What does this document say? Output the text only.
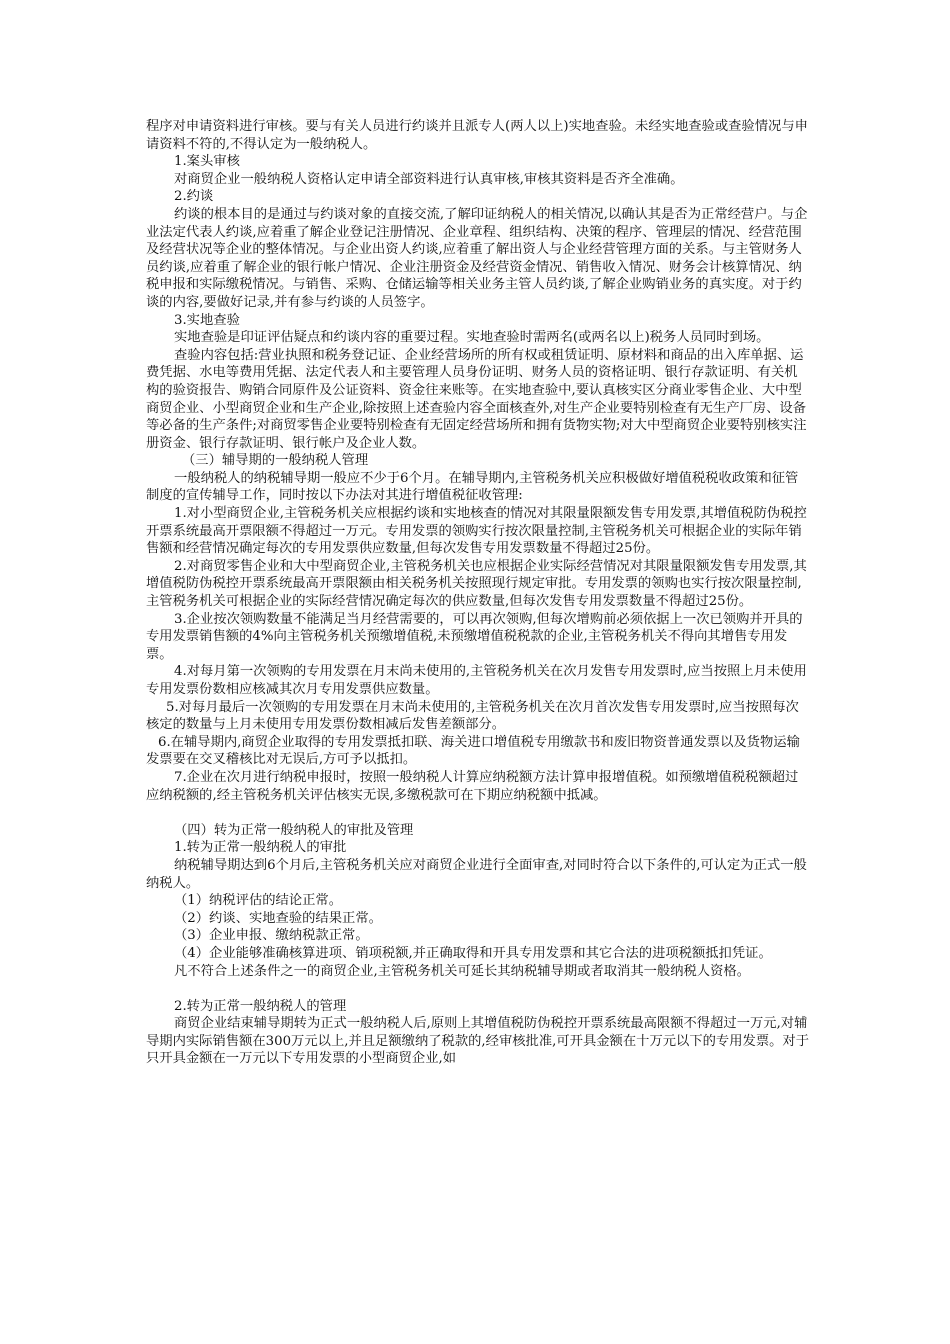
程序对申请资料进行审核。要与有关人员进行约谈并且派专人(两人以上)实地查验。未经实地查验或查验情况与申请资料不符的,不得认定为一般纳税人。

1.案头审核

对商贸企业一般纳税人资格认定申请全部资料进行认真审核,审核其资料是否齐全准确。

2.约谈

约谈的根本目的是通过与约谈对象的直接交流,了解印证纳税人的相关情况,以确认其是否为正常经营户。与企业法定代表人约谈,应着重了解企业登记注册情况、企业章程、组织结构、决策的程序、管理层的情况、经营范围及经营状况等企业的整体情况。与企业出资人约谈,应着重了解出资人与企业经营管理方面的关系。与主管财务人员约谈,应着重了解企业的银行帐户情况、企业注册资金及经营资金情况、销售收入情况、财务会计核算情况、纳税申报和实际缴税情况。与销售、采购、仓储运输等相关业务主管人员约谈,了解企业购销业务的真实度。对于约谈的内容,要做好记录,并有参与约谈的人员签字。

3.实地查验

实地查验是印证评估疑点和约谈内容的重要过程。实地查验时需两名(或两名以上)税务人员同时到场。

查验内容包括:营业执照和税务登记证、企业经营场所的所有权或租赁证明、原材料和商品的出入库单据、运费凭据、水电等费用凭据、法定代表人和主要管理人员身份证明、财务人员的资格证明、银行存款证明、有关机构的验资报告、购销合同原件及公证资料、资金往来账等。在实地查验中,要认真核实区分商业零售企业、大中型商贸企业、小型商贸企业和生产企业,除按照上述查验内容全面核查外,对生产企业要特别检查有无生产厂房、设备等必备的生产条件;对商贸零售企业要特别检查有无固定经营场所和拥有货物实物;对大中型商贸企业要特别核实注册资金、银行存款证明、银行帐户及企业人数。

（三）辅导期的一般纳税人管理

一般纳税人的纳税辅导期一般应不少于6个月。在辅导期内,主管税务机关应积极做好增值税税收政策和征管制度的宣传辅导工作，同时按以下办法对其进行增值税征收管理:

1.对小型商贸企业,主管税务机关应根据约谈和实地核查的情况对其限量限额发售专用发票,其增值税防伪税控开票系统最高开票限额不得超过一万元。专用发票的领购实行按次限量控制,主管税务机关可根据企业的实际年销售额和经营情况确定每次的专用发票供应数量,但每次发售专用发票数量不得超过25份。

2.对商贸零售企业和大中型商贸企业,主管税务机关也应根据企业实际经营情况对其限量限额发售专用发票,其增值税防伪税控开票系统最高开票限额由相关税务机关按照现行规定审批。专用发票的领购也实行按次限量控制,主管税务机关可根据企业的实际经营情况确定每次的供应数量,但每次发售专用发票数量不得超过25份。

3.企业按次领购数量不能满足当月经营需要的，可以再次领购,但每次增购前必须依据上一次已领购并开具的专用发票销售额的4%向主管税务机关预缴增值税,未预缴增值税税款的企业,主管税务机关不得向其增售专用发票。

4.对每月第一次领购的专用发票在月末尚未使用的,主管税务机关在次月发售专用发票时,应当按照上月未使用专用发票份数相应核减其次月专用发票供应数量。

5.对每月最后一次领购的专用发票在月末尚未使用的,主管税务机关在次月首次发售专用发票时,应当按照每次核定的数量与上月未使用专用发票份数相减后发售差额部分。

6.在辅导期内,商贸企业取得的专用发票抵扣联、海关进口增值税专用缴款书和废旧物资普通发票以及货物运输发票要在交叉稽核比对无误后,方可予以抵扣。

7.企业在次月进行纳税申报时，按照一般纳税人计算应纳税额方法计算申报增值税。如预缴增值税税额超过应纳税额的,经主管税务机关评估核实无误,多缴税款可在下期应纳税额中抵减。

（四）转为正常一般纳税人的审批及管理

1.转为正常一般纳税人的审批

纳税辅导期达到6个月后,主管税务机关应对商贸企业进行全面审查,对同时符合以下条件的,可认定为正式一般纳税人。

（1）纳税评估的结论正常。

（2）约谈、实地查验的结果正常。

（3）企业申报、缴纳税款正常。

（4）企业能够准确核算进项、销项税额,并正确取得和开具专用发票和其它合法的进项税额抵扣凭证。

凡不符合上述条件之一的商贸企业,主管税务机关可延长其纳税辅导期或者取消其一般纳税人资格。

2.转为正常一般纳税人的管理

商贸企业结束辅导期转为正式一般纳税人后,原则上其增值税防伪税控开票系统最高限额不得超过一万元,对辅导期内实际销售额在300万元以上,并且足额缴纳了税款的,经审核批准,可开具金额在十万元以下的专用发票。对于只开具金额在一万元以下专用发票的小型商贸企业,如
